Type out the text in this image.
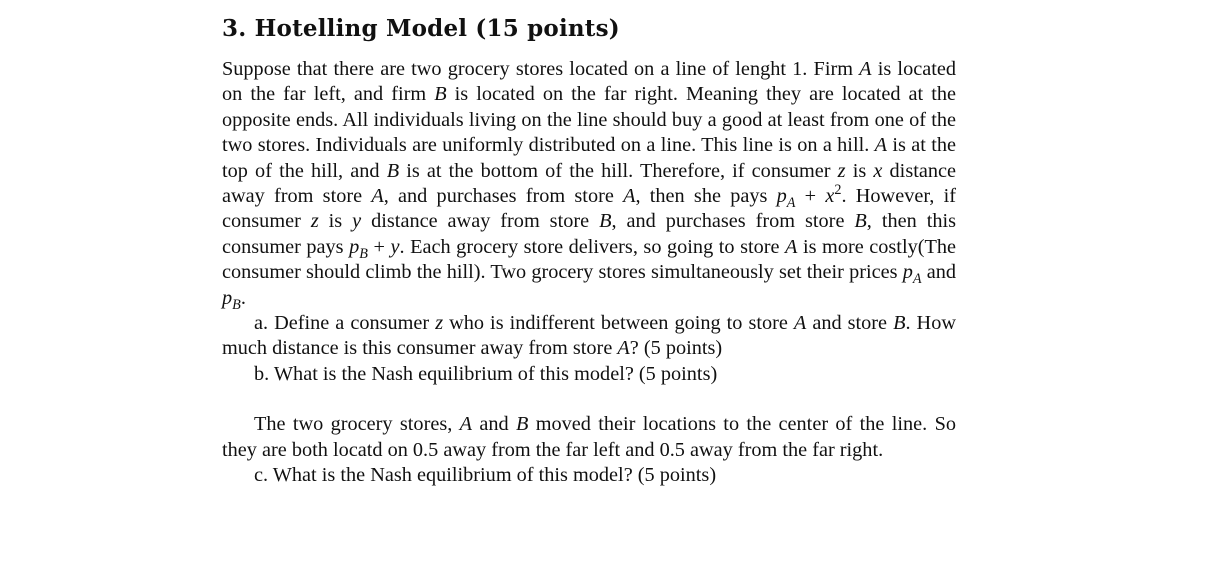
3. Hotelling Model (15 points)

Suppose that there are two grocery stores located on a line of lenght 1. Firm A is located on the far left, and firm B is located on the far right. Meaning they are located at the opposite ends. All individuals living on the line should buy a good at least from one of the two stores. Individuals are uniformly distributed on a line. This line is on a hill. A is at the top of the hill, and B is at the bottom of the hill. Therefore, if consumer z is x distance away from store A, and purchases from store A, then she pays $p_A + x^2$. However, if consumer z is y distance away from store B, and purchases from store B, then this consumer pays $p_B + y$. Each grocery store delivers, so going to store A is more costly(The consumer should climb the hill). Two grocery stores simultaneously set their prices $p_A$ and $p_B$.

a. Define a consumer z who is indifferent between going to store A and store B. How much distance is this consumer away from store A? (5 points)

b. What is the Nash equilibrium of this model? (5 points)

The two grocery stores, A and B moved their locations to the center of the line. So they are both locatd on 0.5 away from the far left and 0.5 away from the far right.

c. What is the Nash equilibrium of this model? (5 points)
